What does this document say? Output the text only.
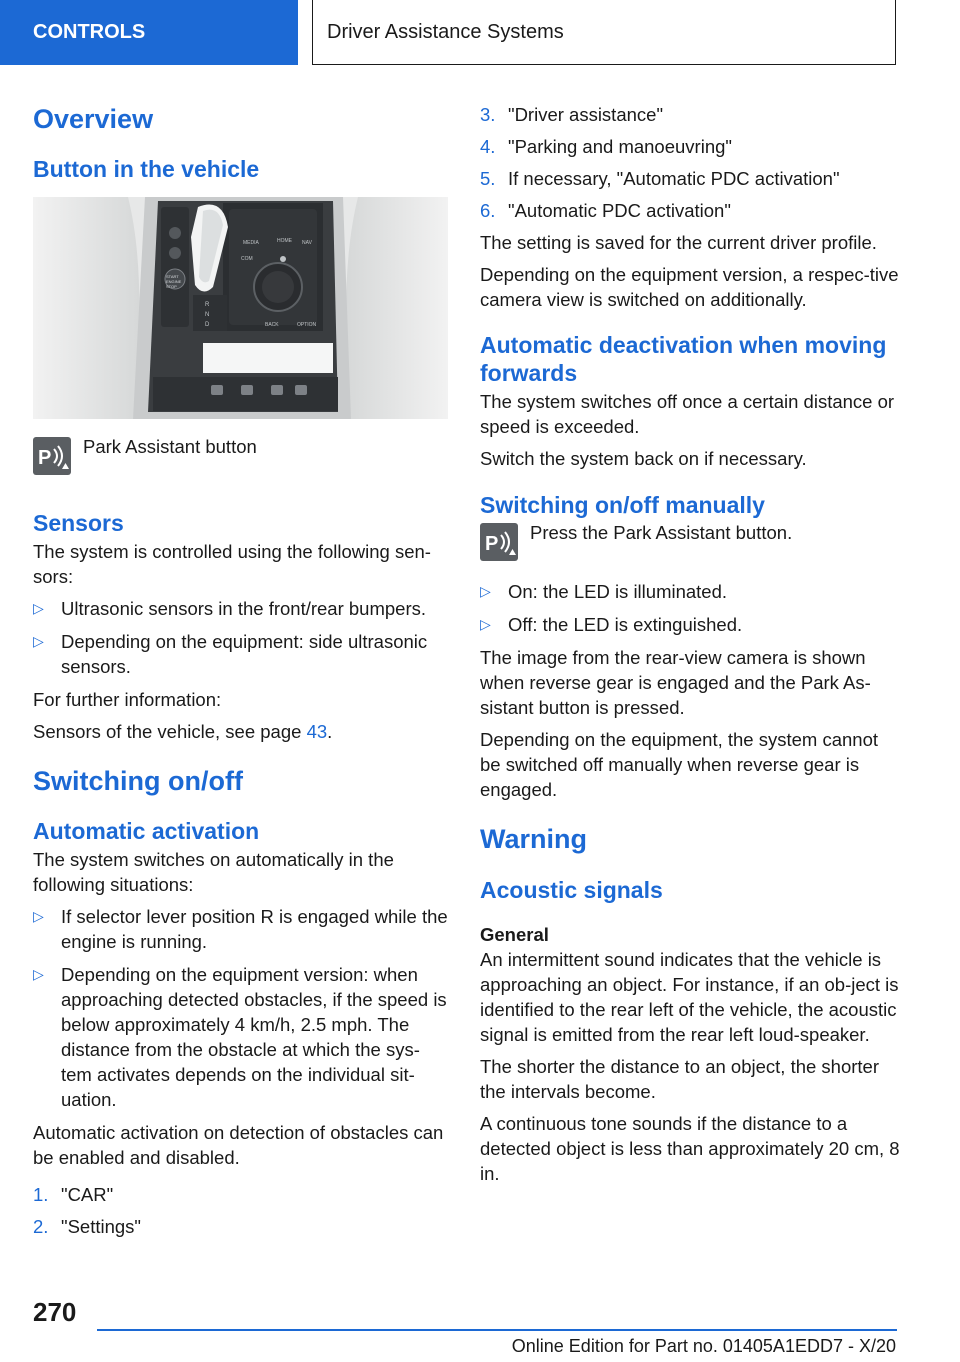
CONTROLS	Driver Assistance Systems
Overview
Button in the vehicle
MEDIA	HOME NAV
COM
BACK	OPTION
R
N
D
START
ENGINE
STOP
P
Park Assistant button
Sensors

The system is controlled using the following sen-sors:

▷ Ultrasonic sensors in the front/rear bumpers.
▷ Depending on the equipment: side ultrasonic sensors.

For further information:

Sensors of the vehicle, see page 43.

Switching on/off
Automatic activation

The system switches on automatically in the following situations:

▷ If selector lever position R is engaged while the engine is running.
▷ Depending on the equipment version: when approaching detected obstacles, if the speed is below approximately 4 km/h, 2.5 mph. The distance from the obstacle at which the sys-tem activates depends on the individual sit-uation.

Automatic activation on detection of obstacles can be enabled and disabled.

1. "CAR"
2. "Settings"
3. "Driver assistance"
4. "Parking and manoeuvring"
5. If necessary, "Automatic PDC activation"
6. "Automatic PDC activation"

The setting is saved for the current driver profile.

Depending on the equipment version, a respec-tive camera view is switched on additionally.

Automatic deactivation when moving forwards

The system switches off once a certain distance or speed is exceeded.

Switch the system back on if necessary.

Switching on/off manually
P
Press the Park Assistant button.
▷ On: the LED is illuminated.
▷ Off: the LED is extinguished.

The image from the rear-view camera is shown when reverse gear is engaged and the Park As-sistant button is pressed.

Depending on the equipment, the system cannot be switched off manually when reverse gear is engaged.

Warning
Acoustic signals
General

An intermittent sound indicates that the vehicle is approaching an object. For instance, if an ob-ject is identified to the rear left of the vehicle, the acoustic signal is emitted from the rear left loud-speaker.

The shorter the distance to an object, the shorter the intervals become.

A continuous tone sounds if the distance to a detected object is less than approximately 20 cm, 8 in.

270
Online Edition for Part no. 01405A1EDD7 - X/20
